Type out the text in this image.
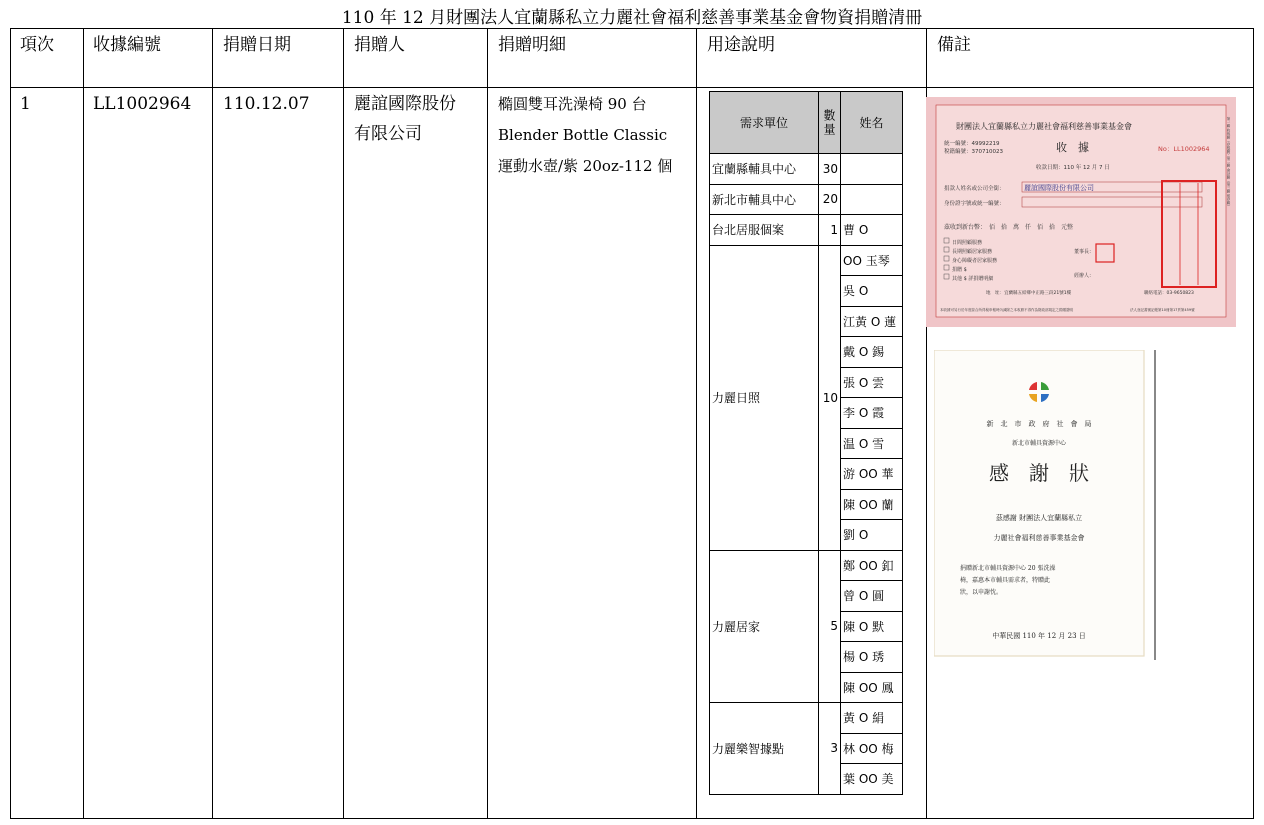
110 年 12 月財團法人宜蘭縣私立力麗社會福利慈善事業基金會物資捐贈清冊
項次 收據編號	捐贈日期	捐贈人	捐贈明細	用途說明	備註
1	LL1002964 110.12.07	麗誼國際股份
有限公司
橢圓雙耳洗澡椅 90 台
Blender Bottle Classic
運動水壺/紫 20oz-112 個
需求單位	數量	姓名
宜蘭縣輔具中心	30	
新北市輔具中心	20	
台北居服個案	1	曹 O
力麗日照	10	OO 玉琴
		吳 O
		江黃 O 蓮
		戴 O 錫
		張 O 雲
		李 O 霞
		温 O 雪
		游 OO 華
		陳 OO 蘭
		劉 O
力麗居家	5	鄭 OO 釦
		曾 O 圓
		陳 O 默
		楊 O 琇
		陳 OO 鳳
力麗樂智據點	3	黃 O 絹
		林 OO 梅
		葉 OO 美
財團法人宜蘭縣私立力麗社會福利慈善事業基金會
統一編號：49992219
稅籍編號：370710023	收　據	No：LL1002964
收款日期：110 年 12 月 7 日
捐款人姓名或公司全銜：	麗誼國際股份有限公司
身份證字號或統一編號：
茲收到新台幣：　佰　拾　萬　仟　佰　拾　元整
日間照顧服務
長期照顧居家服務
身心障礙者居家服務
捐贈 $
其他 $ 詳捐贈明細
董事長：
經辦人：
地　址：宜蘭縣五結鄉中正路三段21號1樓	聯絡電話：03-9650823
本收據可另行於年度綜合所得稅申報時內減除之本收據不得作為財政部規定之捐贈證明	法人登記書號記帳第10冊第17頁第459號
第一聯 收執聯（存根聯）第二聯 會計聯（第三聯 留存聯）
新　北　市　政　府　社　會　局
新北市輔具資源中心
感　謝　狀
茲感謝 財團法人宜蘭縣私立
力麗社會福利慈善事業基金會
捐贈新北市輔具資源中心 20 張洗澡
椅，嘉惠本市輔具需求者，特贈此
狀，以申謝忱。
中華民國 110 年 12 月 23 日
